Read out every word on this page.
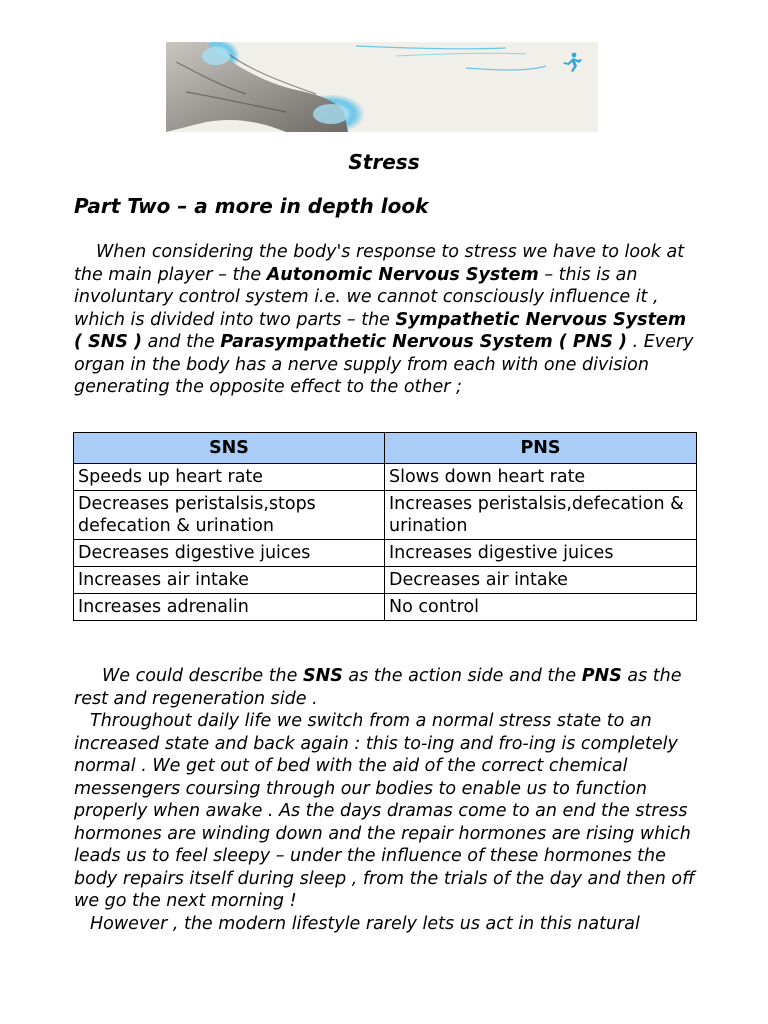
Stress
Part Two – a more in depth look
When considering the body's response to stress we have to look at the main player – the Autonomic Nervous System – this is an involuntary control system i.e. we cannot consciously influence it , which is divided into two parts – the Sympathetic Nervous System ( SNS ) and the Parasympathetic Nervous System ( PNS ) . Every organ in the body has a nerve supply from each with one division generating the opposite effect to the other ;
SNS	PNS
Speeds up heart rate	Slows down heart rate
Decreases peristalsis,stops defecation & urination	Increases peristalsis,defecation & urination
Decreases digestive juices	Increases digestive juices
Increases air intake	Decreases air intake
Increases adrenalin	No control
We could describe the SNS as the action side and the PNS as the rest and regeneration side .
Throughout daily life we switch from a normal stress state to an increased state and back again : this to-ing and fro-ing is completely normal . We get out of bed with the aid of the correct chemical messengers coursing through our bodies to enable us to function properly when awake . As the days dramas come to an end the stress hormones are winding down and the repair hormones are rising which leads us to feel sleepy – under the influence of these hormones the body repairs itself during sleep , from the trials of the day and then off we go the next morning !
However , the modern lifestyle rarely lets us act in this natural
